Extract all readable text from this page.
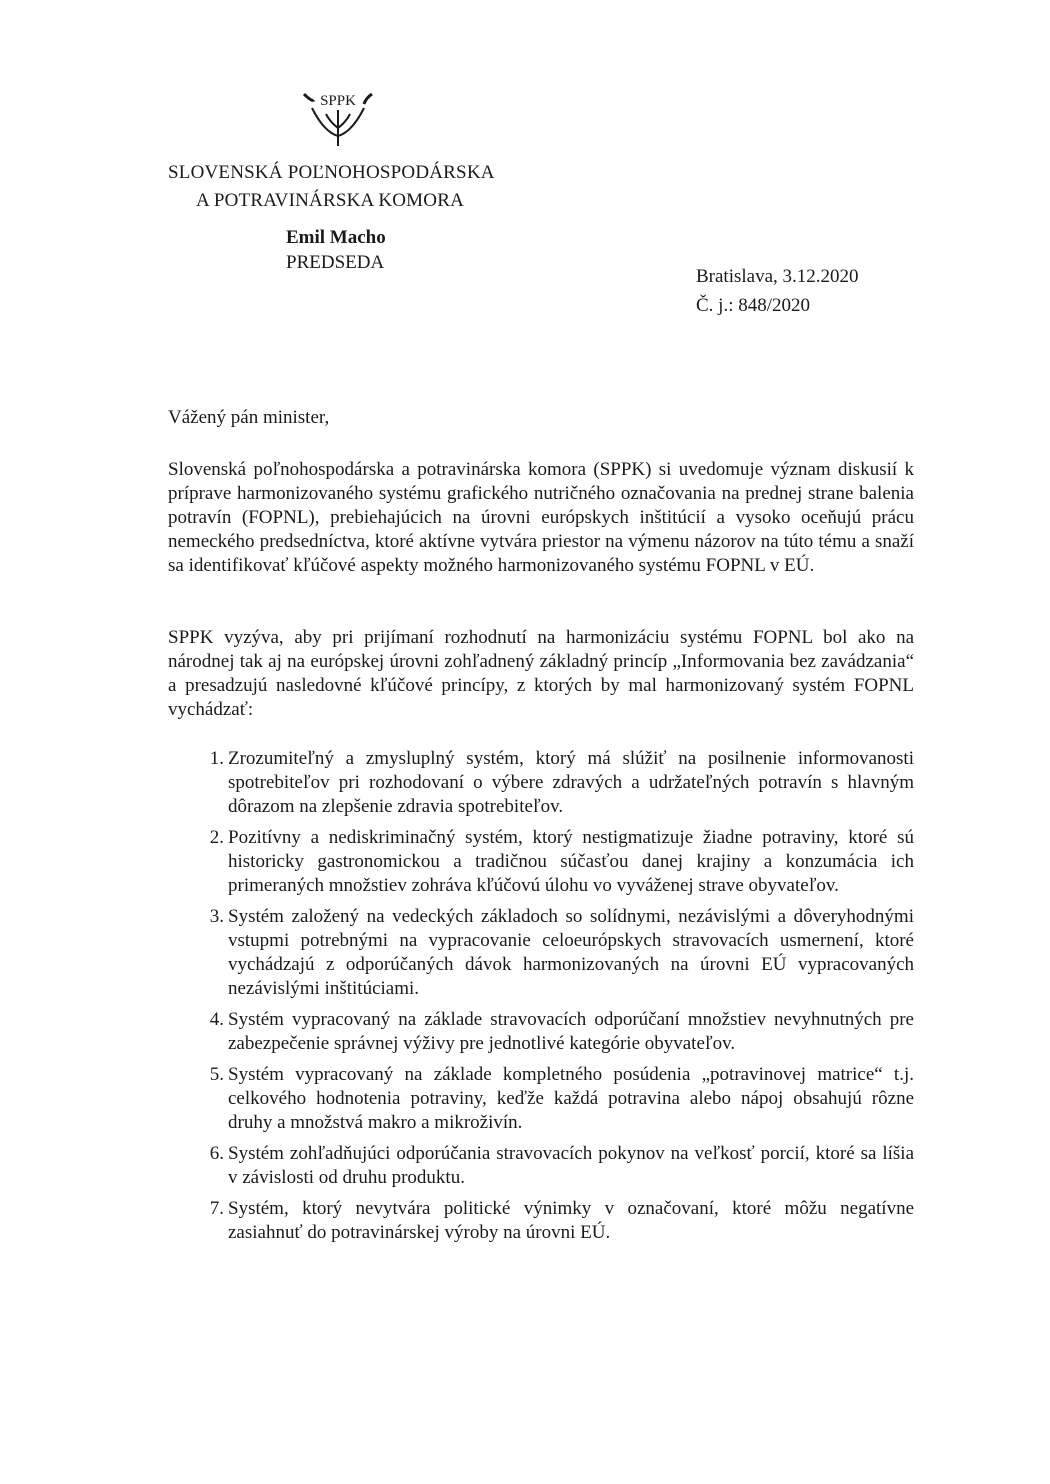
SPPK
SLOVENSKÁ POĽNOHOSPODÁRSKA
A POTRAVINÁRSKA KOMORA
Emil Macho
PREDSEDA
Bratislava, 3.12.2020
Č. j.: 848/2020
Vážený pán minister,

Slovenská poľnohospodárska a potravinárska komora (SPPK) si uvedomuje význam diskusií k príprave harmonizovaného systému grafického nutričného označovania na prednej strane balenia potravín (FOPNL), prebiehajúcich na úrovni európskych inštitúcií a vysoko oceňujú prácu nemeckého predsedníctva, ktoré aktívne vytvára priestor na výmenu názorov na túto tému a snaží sa identifikovať kľúčové aspekty možného harmonizovaného systému FOPNL v EÚ.

SPPK vyzýva, aby pri prijímaní rozhodnutí na harmonizáciu systému FOPNL bol ako na národnej tak aj na európskej úrovni zohľadnený základný princíp „Informovania bez zavádzania“ a presadzujú nasledovné kľúčové princípy, z ktorých by mal harmonizovaný systém FOPNL vychádzať:

1. Zrozumiteľný a zmysluplný systém, ktorý má slúžiť na posilnenie informovanosti spotrebiteľov pri rozhodovaní o výbere zdravých a udržateľných potravín s hlavným dôrazom na zlepšenie zdravia spotrebiteľov.
2. Pozitívny a nediskriminačný systém, ktorý nestigmatizuje žiadne potraviny, ktoré sú historicky gastronomickou a tradičnou súčasťou danej krajiny a konzumácia ich primeraných množstiev zohráva kľúčovú úlohu vo vyváženej strave obyvateľov.
3. Systém založený na vedeckých základoch so solídnymi, nezávislými a dôveryhodnými vstupmi potrebnými na vypracovanie celoeurópskych stravovacích usmernení, ktoré vychádzajú z odporúčaných dávok harmonizovaných na úrovni EÚ vypracovaných nezávislými inštitúciami.
4. Systém vypracovaný na základe stravovacích odporúčaní množstiev nevyhnutných pre zabezpečenie správnej výživy pre jednotlivé kategórie obyvateľov.
5. Systém vypracovaný na základe kompletného posúdenia „potravinovej matrice“ t.j. celkového hodnotenia potraviny, keďže každá potravina alebo nápoj obsahujú rôzne druhy a množstvá makro a mikroživín.
6. Systém zohľadňujúci odporúčania stravovacích pokynov na veľkosť porcií, ktoré sa líšia v závislosti od druhu produktu.
7. Systém, ktorý nevytvára politické výnimky v označovaní, ktoré môžu negatívne zasiahnuť do potravinárskej výroby na úrovni EÚ.
